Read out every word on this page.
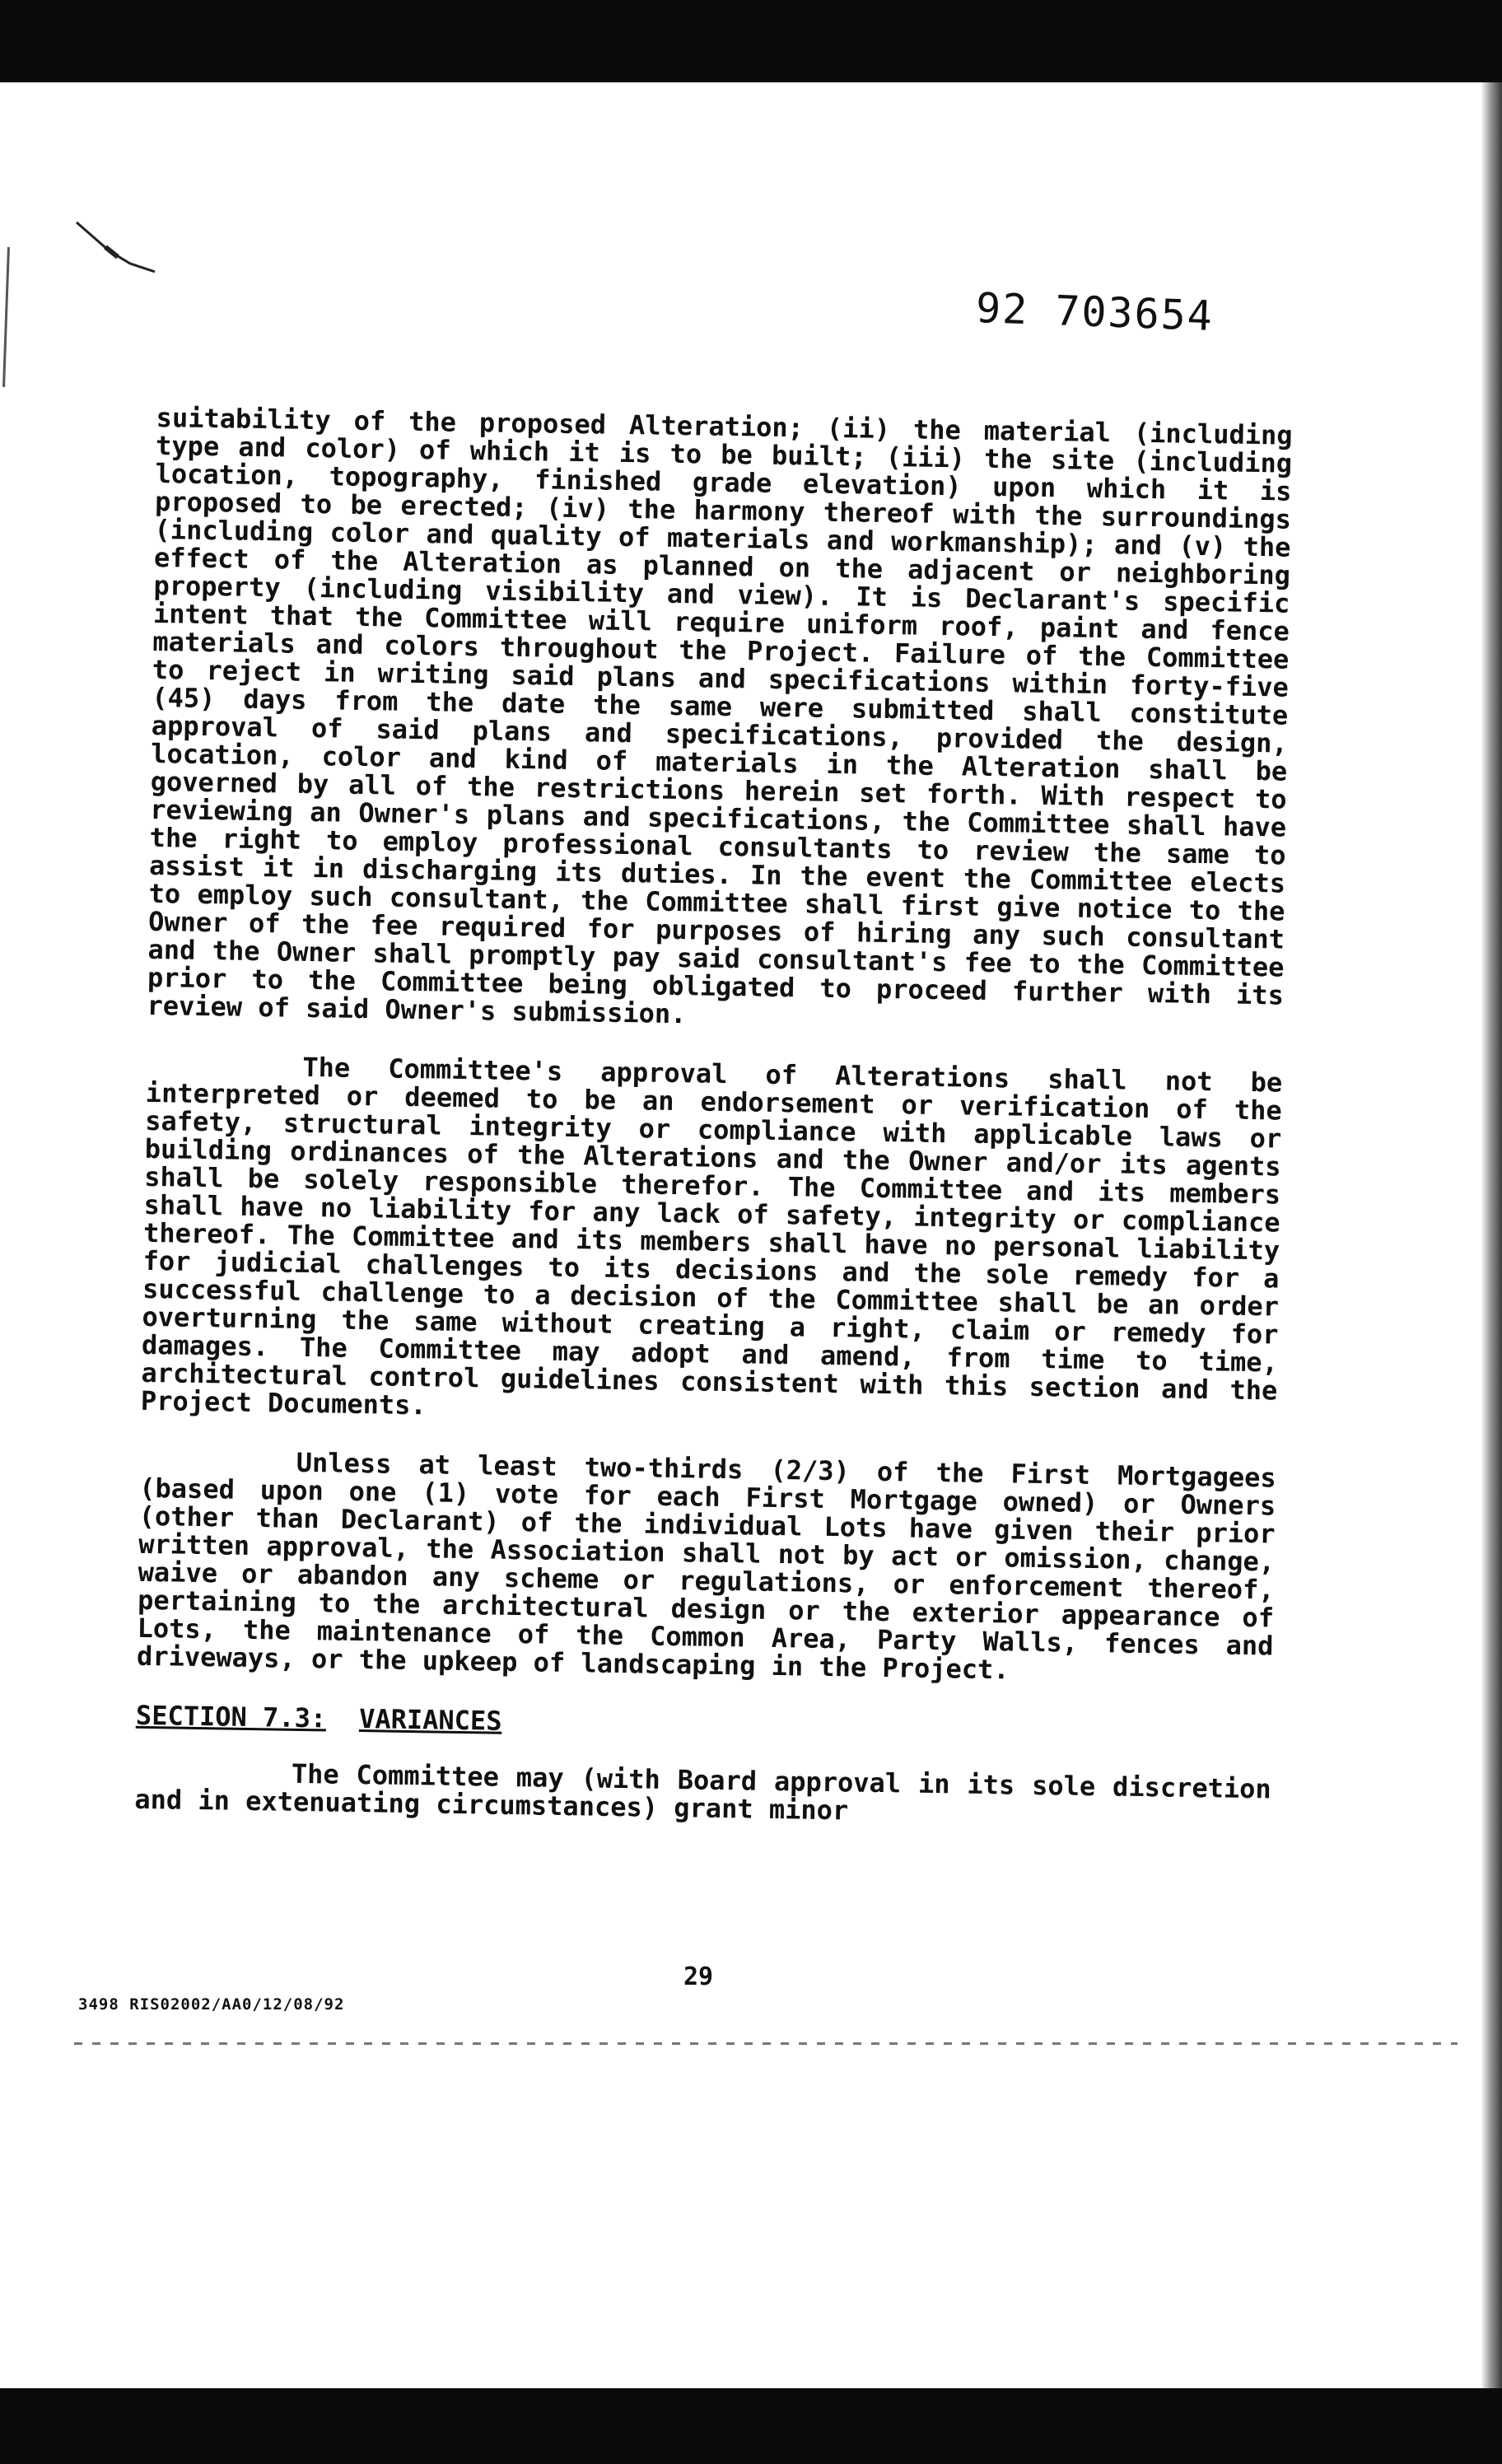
92 703654

suitability of the proposed Alteration; (ii) the material (including type and color) of which it is to be built; (iii) the site (including location, topography, finished grade elevation) upon which it is proposed to be erected; (iv) the harmony thereof with the surroundings (including color and quality of materials and workmanship); and (v) the effect of the Alteration as planned on the adjacent or neighboring property (including visibility and view). It is Declarant's specific intent that the Committee will require uniform roof, paint and fence materials and colors throughout the Project. Failure of the Committee to reject in writing said plans and specifications within forty-five (45) days from the date the same were submitted shall constitute approval of said plans and specifications, provided the design, location, color and kind of materials in the Alteration shall be governed by all of the restrictions herein set forth. With respect to reviewing an Owner's plans and specifications, the Committee shall have the right to employ professional consultants to review the same to assist it in discharging its duties. In the event the Committee elects to employ such consultant, the Committee shall first give notice to the Owner of the fee required for purposes of hiring any such consultant and the Owner shall promptly pay said consultant's fee to the Committee prior to the Committee being obligated to proceed further with its review of said Owner's submission.

The Committee's approval of Alterations shall not be interpreted or deemed to be an endorsement or verification of the safety, structural integrity or compliance with applicable laws or building ordinances of the Alterations and the Owner and/or its agents shall be solely responsible therefor. The Committee and its members shall have no liability for any lack of safety, integrity or compliance thereof. The Committee and its members shall have no personal liability for judicial challenges to its decisions and the sole remedy for a successful challenge to a decision of the Committee shall be an order overturning the same without creating a right, claim or remedy for damages. The Committee may adopt and amend, from time to time, architectural control guidelines consistent with this section and the Project Documents.

Unless at least two-thirds (2/3) of the First Mortgagees (based upon one (1) vote for each First Mortgage owned) or Owners (other than Declarant) of the individual Lots have given their prior written approval, the Association shall not by act or omission, change, waive or abandon any scheme or regulations, or enforcement thereof, pertaining to the architectural design or the exterior appearance of Lots, the maintenance of the Common Area, Party Walls, fences and driveways, or the upkeep of landscaping in the Project.

SECTION 7.3: VARIANCES

The Committee may (with Board approval in its sole discretion and in extenuating circumstances) grant minor

29
3498 RIS02002/AA0/12/08/92
